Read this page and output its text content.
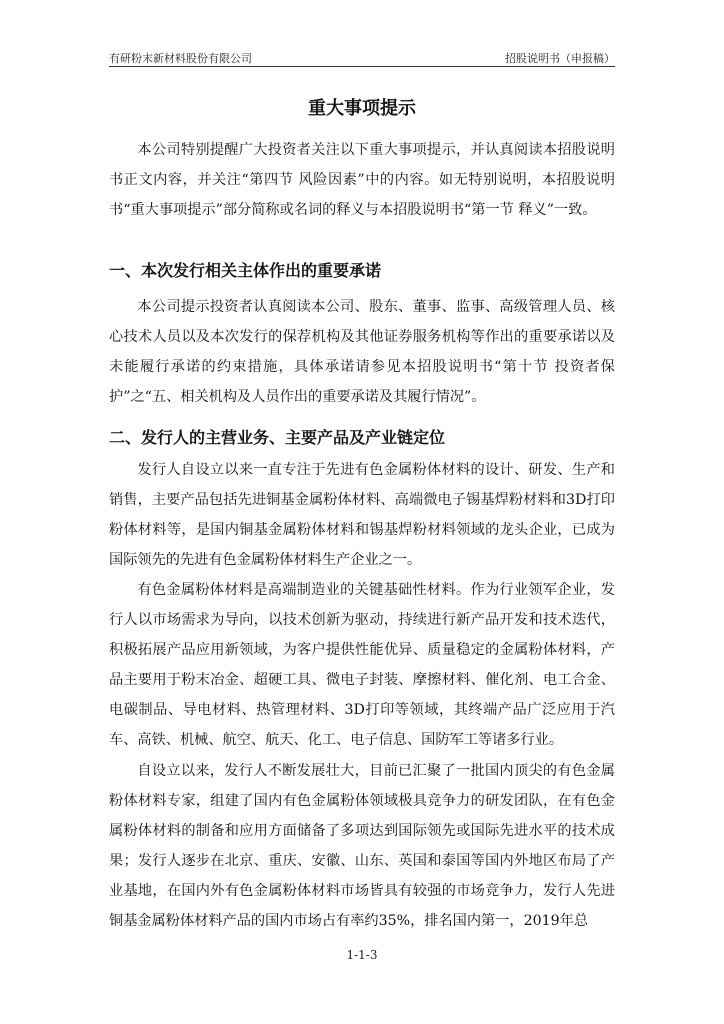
有研粉末新材料股份有限公司	招股说明书（申报稿）
重大事项提示

本公司特别提醒广大投资者关注以下重大事项提示，并认真阅读本招股说明书正文内容，并关注“第四节 风险因素”中的内容。如无特别说明，本招股说明书“重大事项提示”部分简称或名词的释义与本招股说明书“第一节 释义”一致。

一、本次发行相关主体作出的重要承诺

本公司提示投资者认真阅读本公司、股东、董事、监事、高级管理人员、核心技术人员以及本次发行的保荐机构及其他证券服务机构等作出的重要承诺以及未能履行承诺的约束措施，具体承诺请参见本招股说明书“第十节 投资者保护”之“五、相关机构及人员作出的重要承诺及其履行情况”。

二、发行人的主营业务、主要产品及产业链定位

发行人自设立以来一直专注于先进有色金属粉体材料的设计、研发、生产和销售，主要产品包括先进铜基金属粉体材料、高端微电子锡基焊粉材料和3D打印粉体材料等，是国内铜基金属粉体材料和锡基焊粉材料领域的龙头企业，已成为国际领先的先进有色金属粉体材料生产企业之一。

有色金属粉体材料是高端制造业的关键基础性材料。作为行业领军企业，发行人以市场需求为导向，以技术创新为驱动，持续进行新产品开发和技术迭代，积极拓展产品应用新领域，为客户提供性能优异、质量稳定的金属粉体材料，产品主要用于粉末冶金、超硬工具、微电子封装、摩擦材料、催化剂、电工合金、电碳制品、导电材料、热管理材料、3D打印等领域，其终端产品广泛应用于汽车、高铁、机械、航空、航天、化工、电子信息、国防军工等诸多行业。

自设立以来，发行人不断发展壮大，目前已汇聚了一批国内顶尖的有色金属粉体材料专家，组建了国内有色金属粉体领域极具竞争力的研发团队，在有色金属粉体材料的制备和应用方面储备了多项达到国际领先或国际先进水平的技术成果；发行人逐步在北京、重庆、安徽、山东、英国和泰国等国内外地区布局了产业基地，在国内外有色金属粉体材料市场皆具有较强的市场竞争力，发行人先进铜基金属粉体材料产品的国内市场占有率约35%，排名国内第一，2019年总

1-1-3
